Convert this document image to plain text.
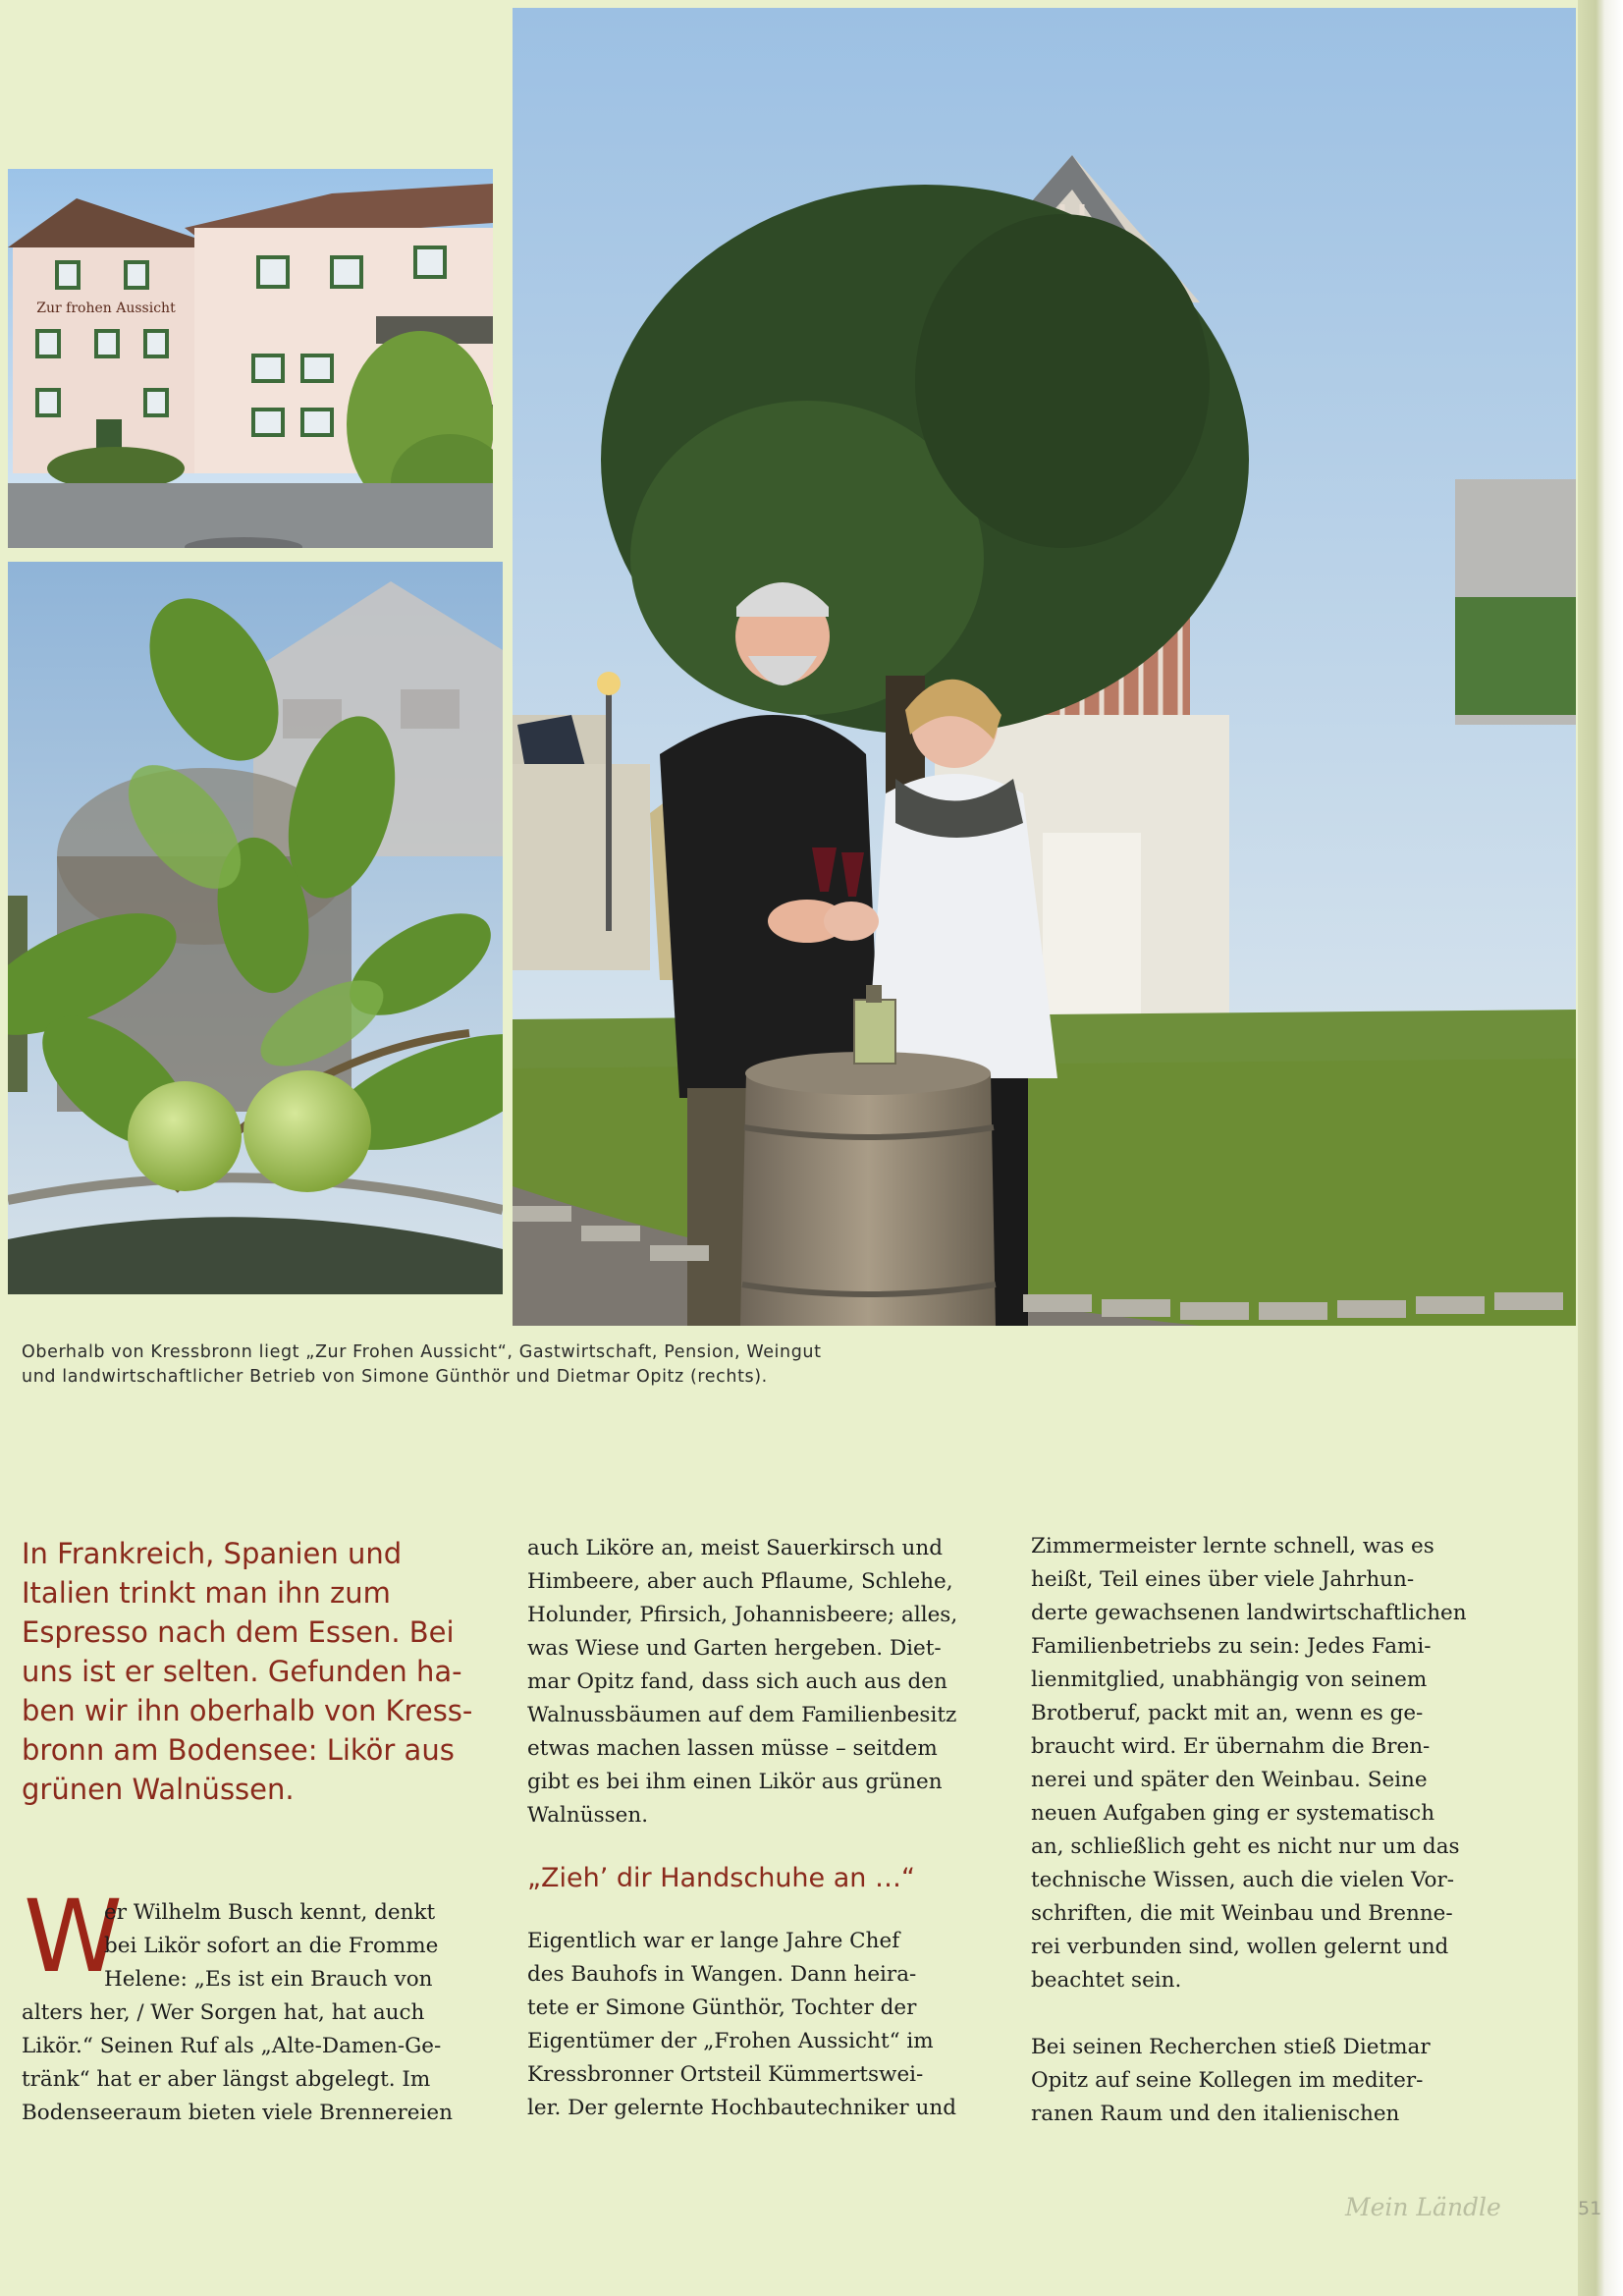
Zur frohen Aussicht
Oberhalb von Kressbronn liegt „Zur Frohen Aussicht“, Gastwirtschaft, Pension, Weingut
und landwirtschaftlicher Betrieb von Simone Günthör und Dietmar Opitz (rechts).
In Frankreich, Spanien und
Italien trinkt man ihn zum
Espresso nach dem Essen. Bei
uns ist er selten. Gefunden ha-
ben wir ihn oberhalb von Kress-
bronn am Bodensee: Likör aus
grünen Walnüssen.
W
er Wilhelm Busch kennt, denkt
bei Likör sofort an die Fromme
Helene: „Es ist ein Brauch von
alters her, / Wer Sorgen hat, hat auch
Likör.“ Seinen Ruf als „Alte-Damen-Ge-
tränk“ hat er aber längst abgelegt. Im
Bodenseeraum bieten viele Brennereien
auch Liköre an, meist Sauerkirsch und
Himbeere, aber auch Pflaume, Schlehe,
Holunder, Pfirsich, Johannisbeere; alles,
was Wiese und Garten hergeben. Diet-
mar Opitz fand, dass sich auch aus den
Walnussbäumen auf dem Familienbesitz
etwas machen lassen müsse – seitdem
gibt es bei ihm einen Likör aus grünen
Walnüssen.
„Zieh’ dir Handschuhe an …“
Eigentlich war er lange Jahre Chef
des Bauhofs in Wangen. Dann heira-
tete er Simone Günthör, Tochter der
Eigentümer der „Frohen Aussicht“ im
Kressbronner Ortsteil Kümmertswei-
ler. Der gelernte Hochbautechniker und
Zimmermeister lernte schnell, was es
heißt, Teil eines über viele Jahrhun-
derte gewachsenen landwirtschaftlichen
Familienbetriebs zu sein: Jedes Fami-
lienmitglied, unabhängig von seinem
Brotberuf, packt mit an, wenn es ge-
braucht wird. Er übernahm die Bren-
nerei und später den Weinbau. Seine
neuen Aufgaben ging er systematisch
an, schließlich geht es nicht nur um das
technische Wissen, auch die vielen Vor-
schriften, die mit Weinbau und Brenne-
rei verbunden sind, wollen gelernt und
beachtet sein.
Bei seinen Recherchen stieß Dietmar
Opitz auf seine Kollegen im mediter-
ranen Raum und den italienischen
Mein Ländle	51
